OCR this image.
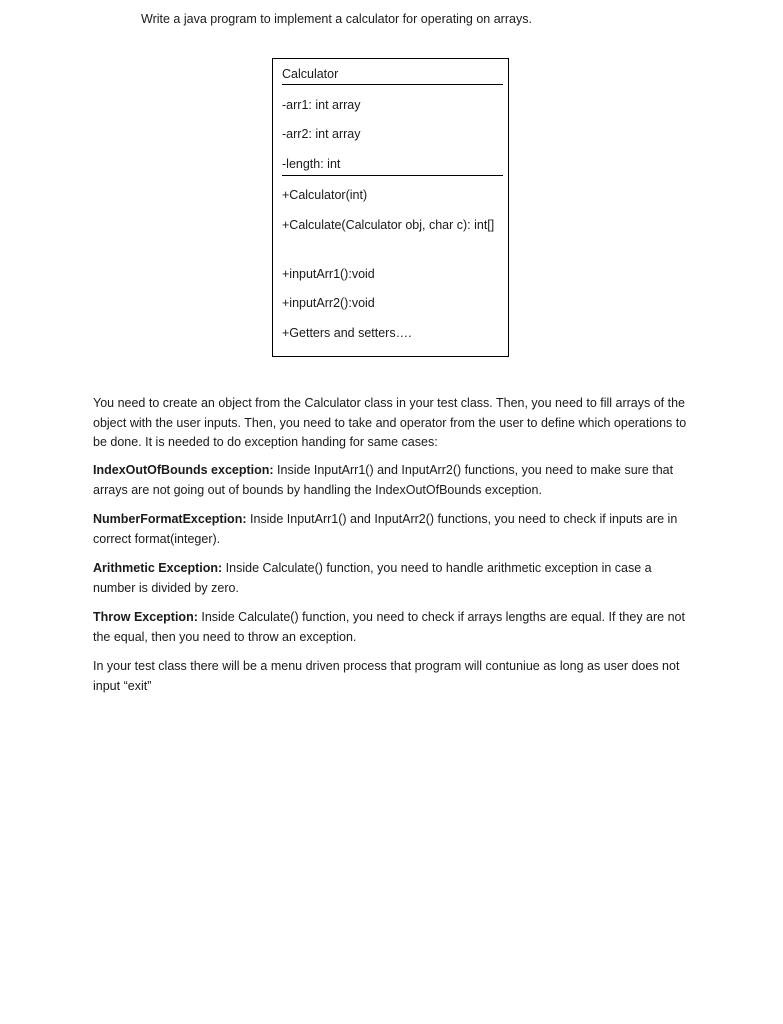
Write a java program to implement a calculator for operating on arrays.
Calculator
-arr1: int array
-arr2: int array
-length: int
+Calculator(int)
+Calculate(Calculator obj, char c): int[]
+inputArr1():void
+inputArr2():void
+Getters and setters….
You need to create an object from the Calculator class in your test class. Then, you need to fill arrays of the object with the user inputs. Then, you need to take and operator from the user to define which operations to be done. It is needed to do exception handing for same cases:
IndexOutOfBounds exception: Inside InputArr1() and InputArr2() functions, you need to make sure that arrays are not going out of bounds by handling the IndexOutOfBounds exception.
NumberFormatException: Inside InputArr1() and InputArr2() functions, you need to check if inputs are in correct format(integer).
Arithmetic Exception: Inside Calculate() function, you need to handle arithmetic exception in case a number is divided by zero.
Throw Exception: Inside Calculate() function, you need to check if arrays lengths are equal. If they are not the equal, then you need to throw an exception.
In your test class there will be a menu driven process that program will contuniue as long as user does not input “exit”
